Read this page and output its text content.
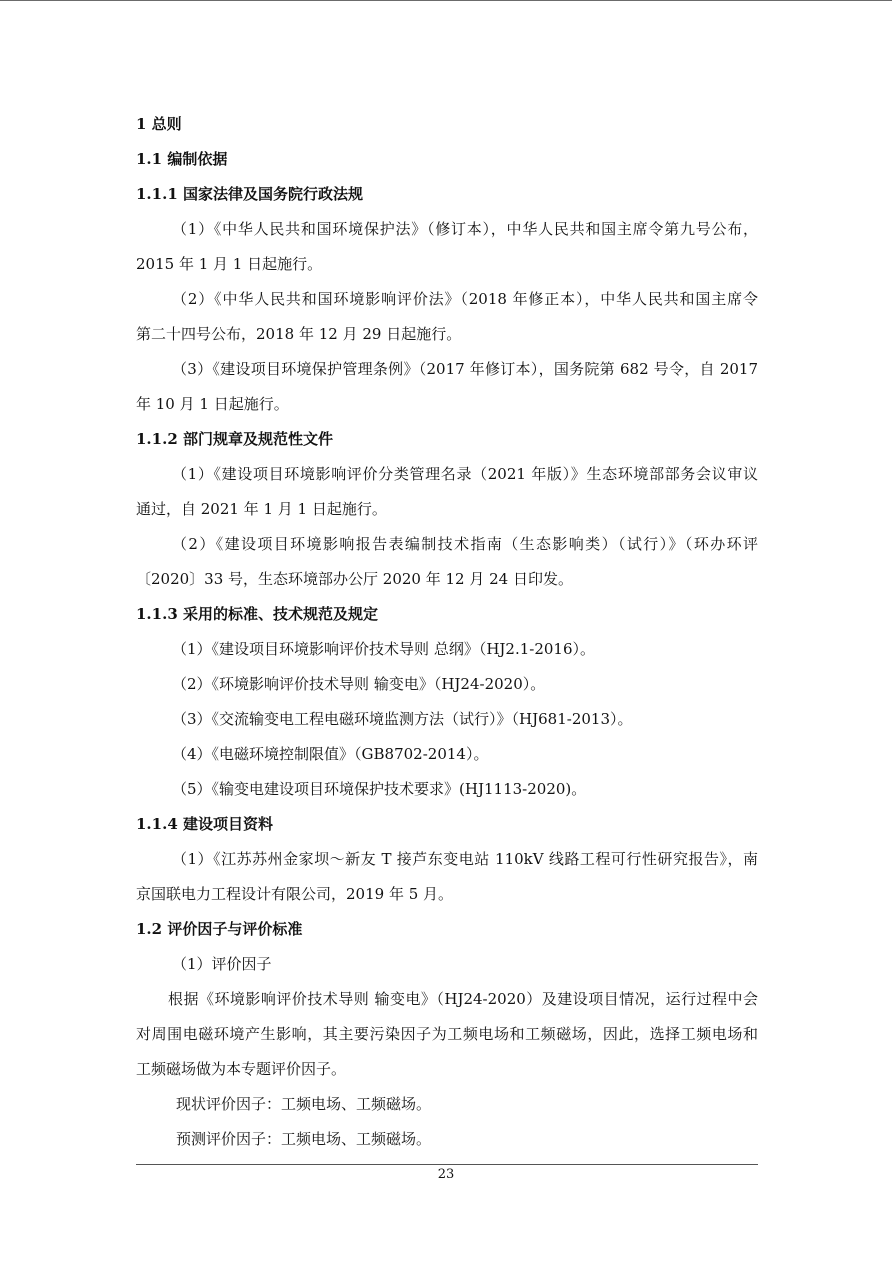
1 总则
1.1 编制依据
1.1.1 国家法律及国务院行政法规
（1）《中华人民共和国环境保护法》（修订本），中华人民共和国主席令第九号公布，
2015 年 1 月 1 日起施行。
（2）《中华人民共和国环境影响评价法》（2018 年修正本），中华人民共和国主席令
第二十四号公布，2018 年 12 月 29 日起施行。
（3）《建设项目环境保护管理条例》（2017 年修订本），国务院第 682 号令，自 2017
年 10 月 1 日起施行。
1.1.2 部门规章及规范性文件
（1）《建设项目环境影响评价分类管理名录（2021 年版）》生态环境部部务会议审议
通过，自 2021 年 1 月 1 日起施行。
（2）《建设项目环境影响报告表编制技术指南（生态影响类）（试行）》（环办环评
〔2020〕33 号，生态环境部办公厅 2020 年 12 月 24 日印发。
1.1.3 采用的标准、技术规范及规定
（1）《建设项目环境影响评价技术导则 总纲》（HJ2.1-2016）。
（2）《环境影响评价技术导则 输变电》（HJ24-2020）。
（3）《交流输变电工程电磁环境监测方法（试行）》（HJ681-2013）。
（4）《电磁环境控制限值》（GB8702-2014）。
（5）《输变电建设项目环境保护技术要求》(HJ1113-2020)。
1.1.4 建设项目资料
（1）《江苏苏州金家坝～新友 T 接芦东变电站 110kV 线路工程可行性研究报告》，南
京国联电力工程设计有限公司，2019 年 5 月。
1.2 评价因子与评价标准
（1）评价因子
根据《环境影响评价技术导则 输变电》（HJ24-2020）及建设项目情况，运行过程中会
对周围电磁环境产生影响，其主要污染因子为工频电场和工频磁场，因此，选择工频电场和
工频磁场做为本专题评价因子。
现状评价因子：工频电场、工频磁场。
预测评价因子：工频电场、工频磁场。
23
